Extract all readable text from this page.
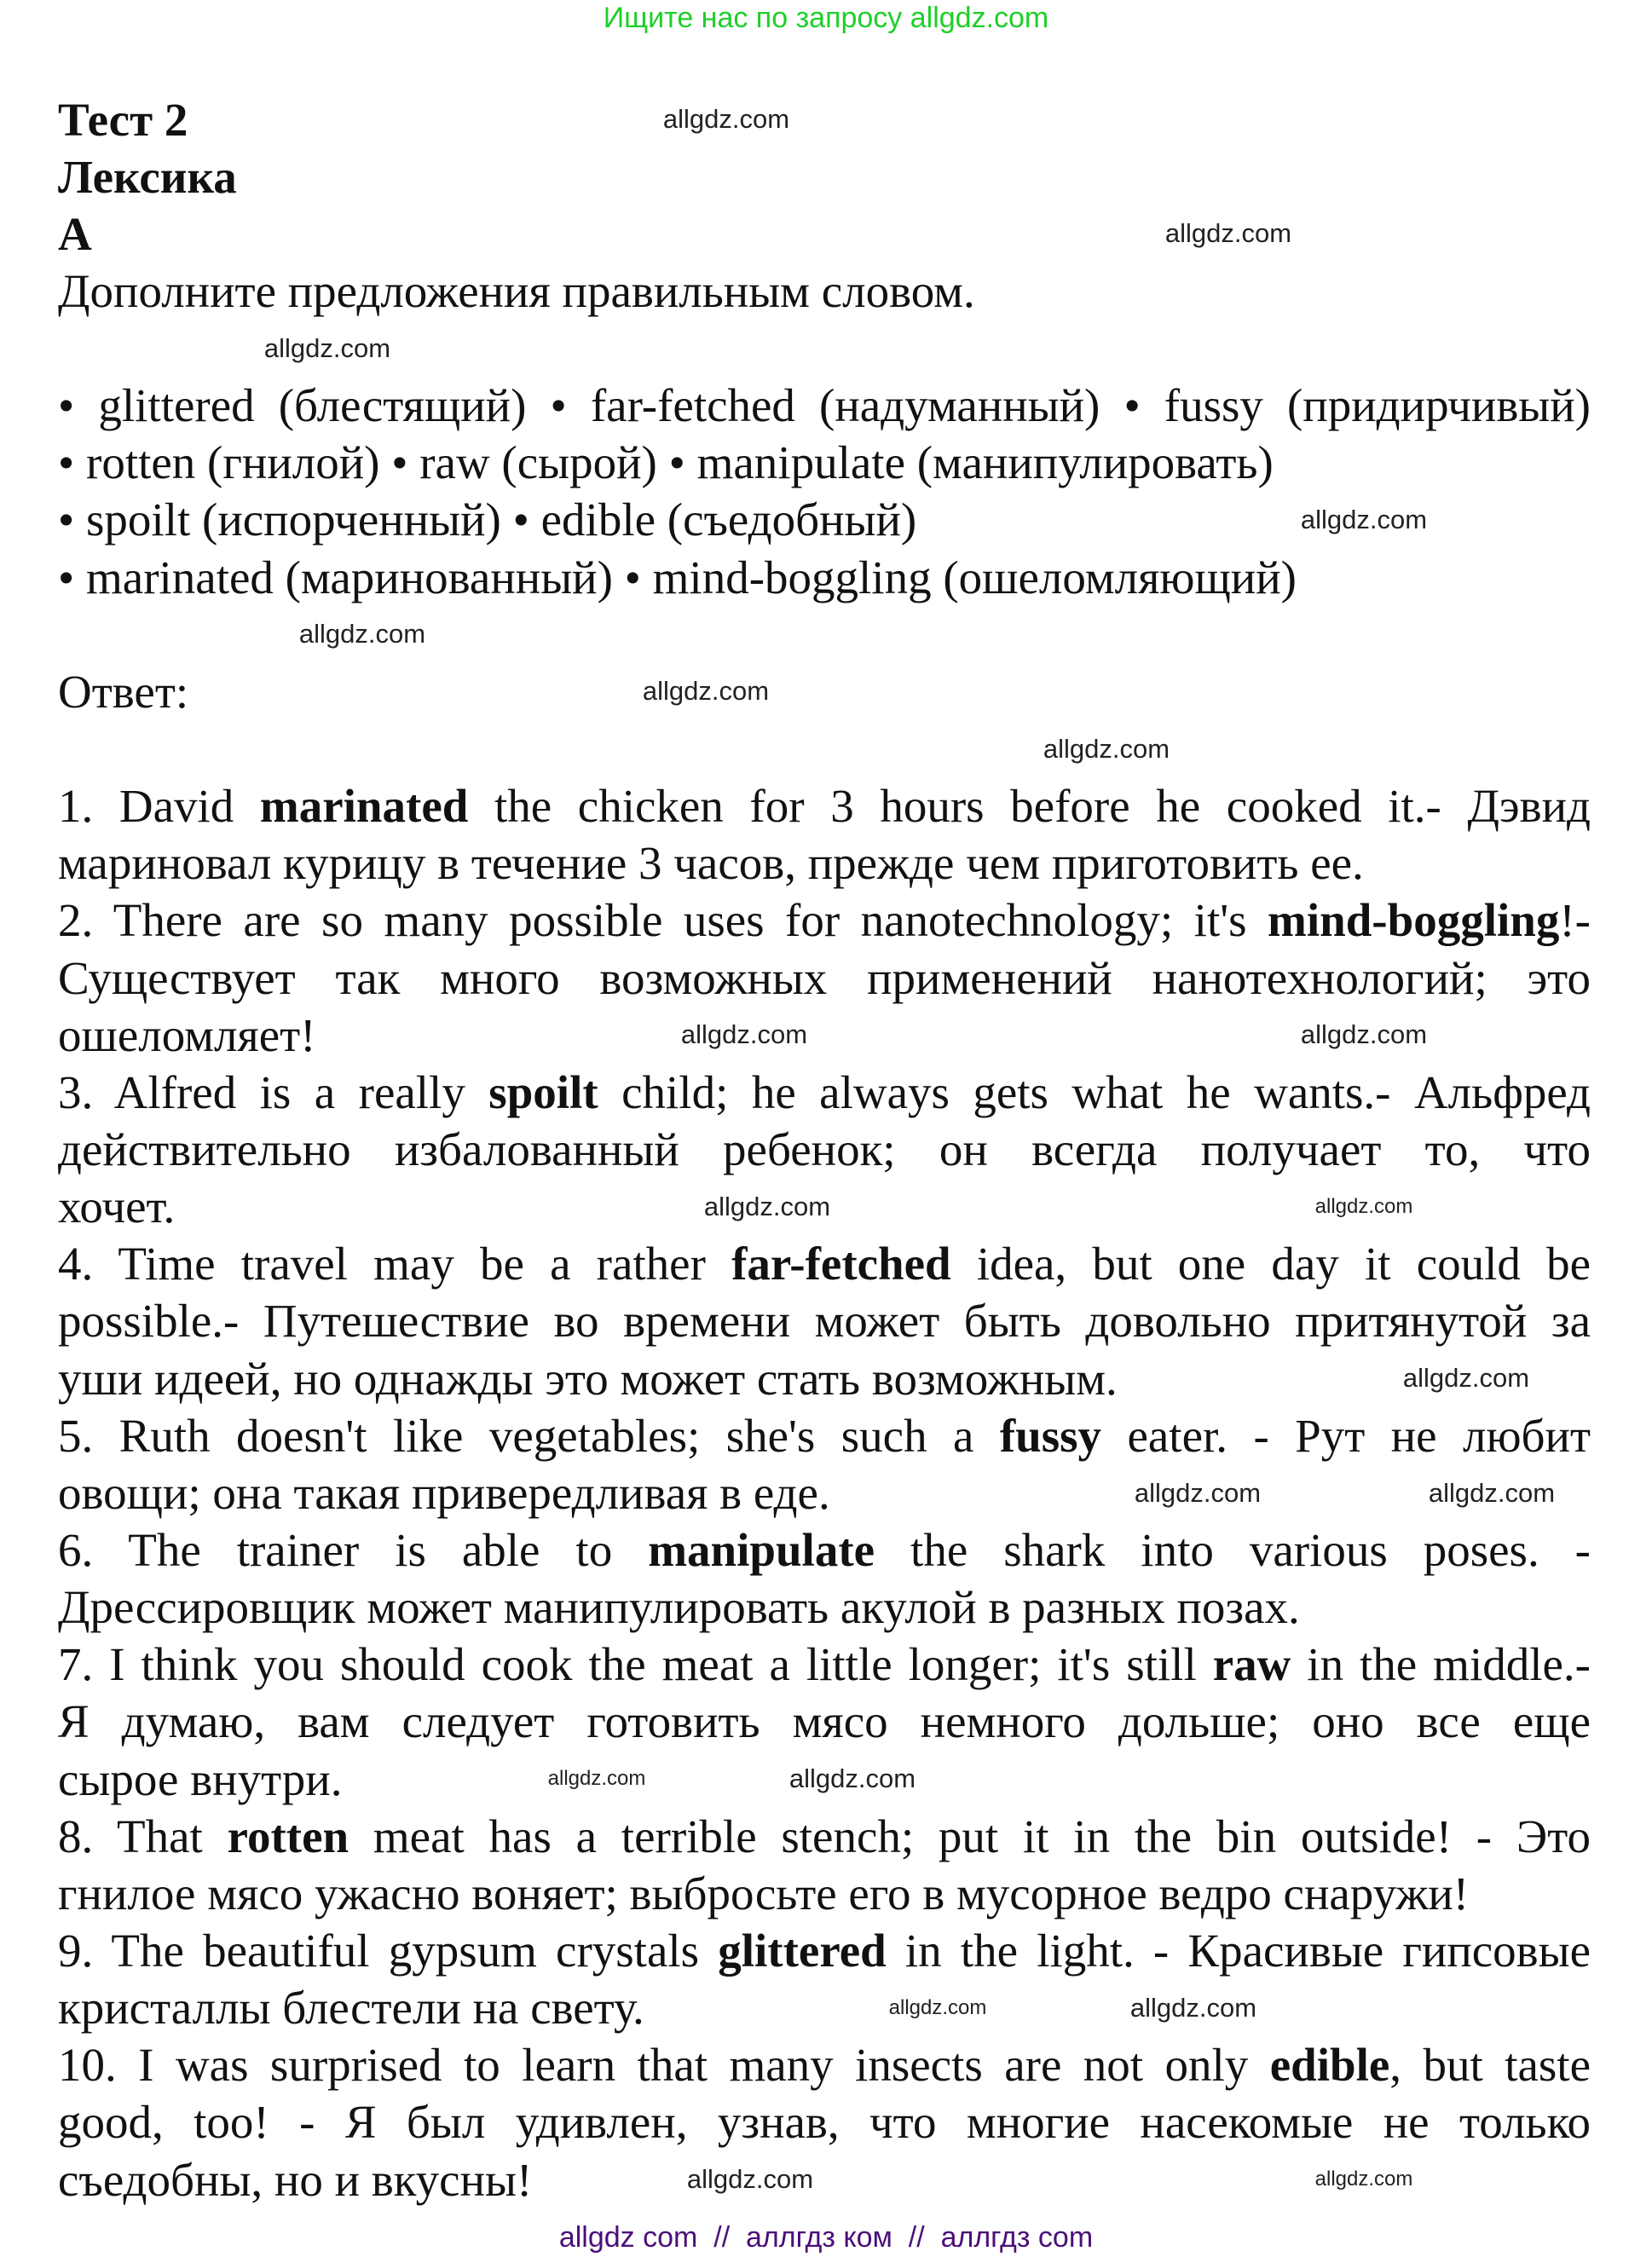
Ищите нас по запросу allgdz.com
Тест 2
Лексика
А
Дополните предложения правильным словом.

• glittered (блестящий) • far-fetched (надуманный) • fussy (придирчивый)
• rotten (гнилой) • raw (сырой) • manipulate (манипулировать)
• spoilt (испорченный) • edible (съедобный)
• marinated (маринованный) • mind-boggling (ошеломляющий)

Ответ:

1. David marinated the chicken for 3 hours before he cooked it.- Дэвид
мариновал курицу в течение 3 часов, прежде чем приготовить ее.
2. There are so many possible uses for nanotechnology; it's mind-boggling!-
Существует так много возможных применений нанотехнологий; это
ошеломляет!
3. Alfred is a really spoilt child; he always gets what he wants.- Альфред
действительно избалованный ребенок; он всегда получает то, что
хочет.
4. Time travel may be a rather far-fetched idea, but one day it could be
possible.- Путешествие во времени может быть довольно притянутой за
уши идеей, но однажды это может стать возможным.
5. Ruth doesn't like vegetables; she's such a fussy eater. - Рут не любит
овощи; она такая привередливая в еде.
6. The trainer is able to manipulate the shark into various poses. -
Дрессировщик может манипулировать акулой в разных позах.
7. I think you should cook the meat a little longer; it's still raw in the middle.-
Я думаю, вам следует готовить мясо немного дольше; оно все еще
сырое внутри.
8. That rotten meat has a terrible stench; put it in the bin outside! - Это
гнилое мясо ужасно воняет; выбросьте его в мусорное ведро снаружи!
9. The beautiful gypsum crystals glittered in the light. - Красивые гипсовые
кристаллы блестели на свету.
10. I was surprised to learn that many insects are not only edible, but taste
good, too! - Я был удивлен, узнав, что многие насекомые не только
съедобны, но и вкусны!
allgdz.com
allgdz.com
allgdz.com
allgdz.com
allgdz.com
allgdz.com
allgdz.com
allgdz.com
allgdz.com
allgdz.com
allgdz.com
allgdz.com
allgdz.com	allgdz.com
allgdz.com	allgdz.com
allgdz.com	allgdz.com
allgdz.com
allgdz.com
allgdz com  //  аллгдз ком  //  аллгдз com
